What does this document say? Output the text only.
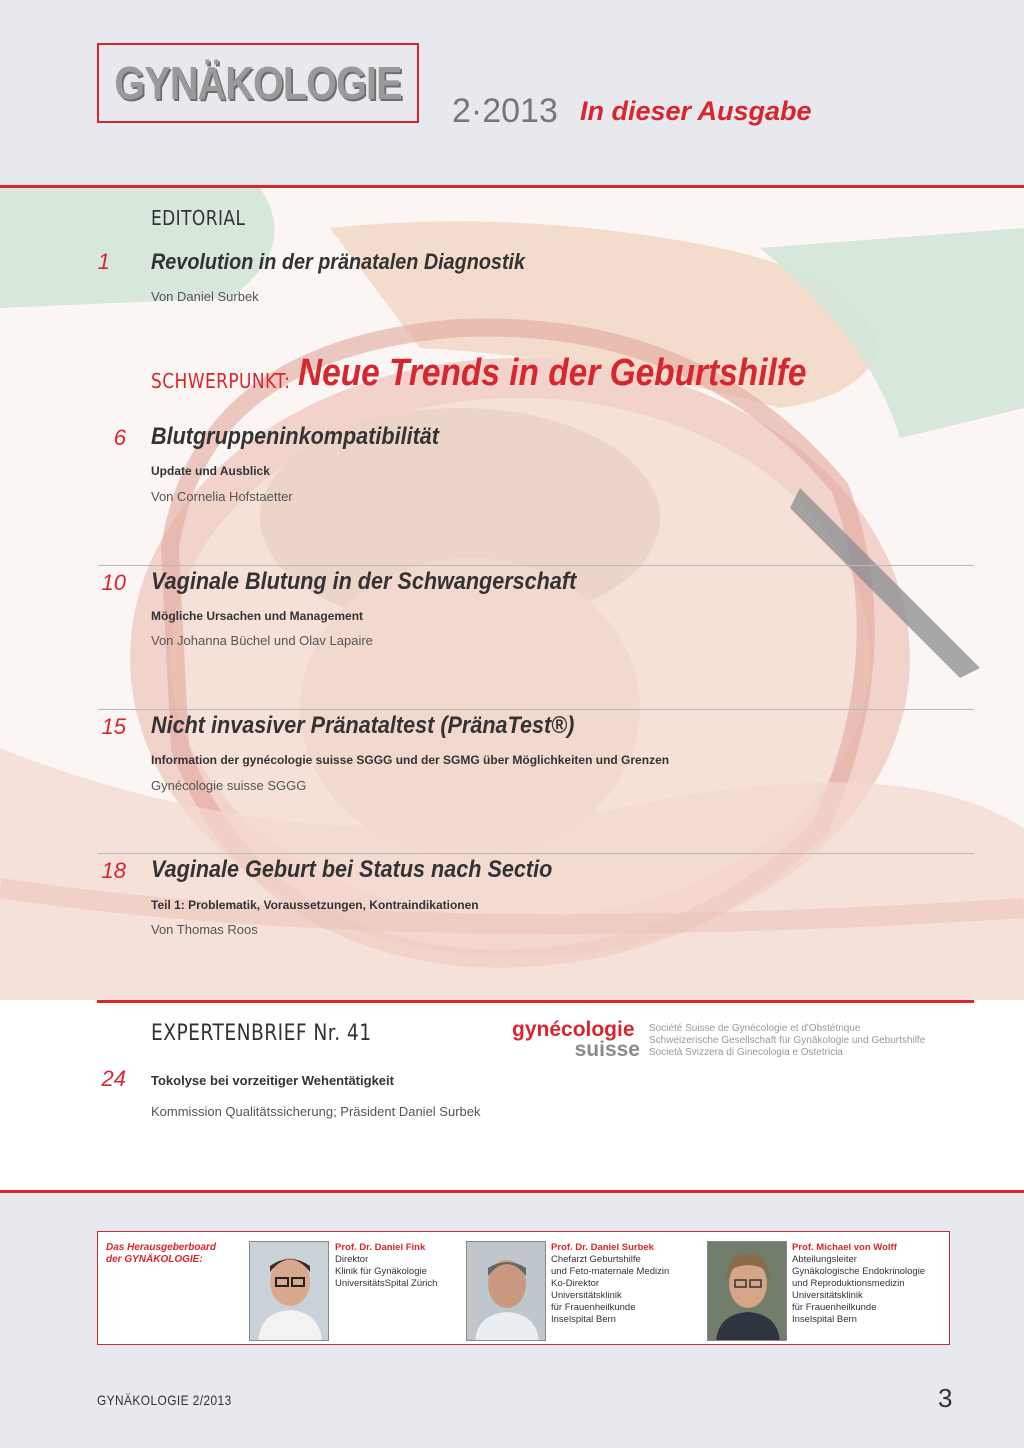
GYNÄKOLOGIE
2·2013 In dieser Ausgabe
EDITORIAL
1 Revolution in der pränatalen Diagnostik
Von Daniel Surbek
SCHWERPUNKT: Neue Trends in der Geburtshilfe
6 Blutgruppeninkompatibilität
Update und Ausblick
Von Cornelia Hofstaetter
10 Vaginale Blutung in der Schwangerschaft
Mögliche Ursachen und Management
Von Johanna Büchel und Olav Lapaire
15 Nicht invasiver Pränataltest (PränaTest®)
Information der gynécologie suisse SGGG und der SGMG über Möglichkeiten und Grenzen
Gynécologie suisse SGGG
18 Vaginale Geburt bei Status nach Sectio
Teil 1: Problematik, Voraussetzungen, Kontraindikationen
Von Thomas Roos
EXPERTENBRIEF Nr. 41	gynécologie
suisse
Société Suisse de Gynécologie et d'Obstétrique
Schweizerische Gesellschaft für Gynäkologie und Geburtshilfe
Società Svizzera di Ginecologia e Ostetricia
24 Tokolyse bei vorzeitiger Wehentätigkeit
Kommission Qualitätssicherung; Präsident Daniel Surbek
Das Herausgeberboard
der GYNÄKOLOGIE:
Prof. Dr. Daniel Fink
Direktor
Klinik für Gynäkologie
UniversitätsSpital Zürich
Prof. Dr. Daniel Surbek
Chefarzt Geburtshilfe
und Feto-maternale Medizin
Ko-Direktor
Universitätsklinik
für Frauenheilkunde
Inselspital Bern
Prof. Michael von Wolff
Abteilungsleiter
Gynäkologische Endokrinologie
und Reproduktionsmedizin
Universitätsklinik
für Frauenheilkunde
Inselspital Bern
GYNÄKOLOGIE 2/2013	3
